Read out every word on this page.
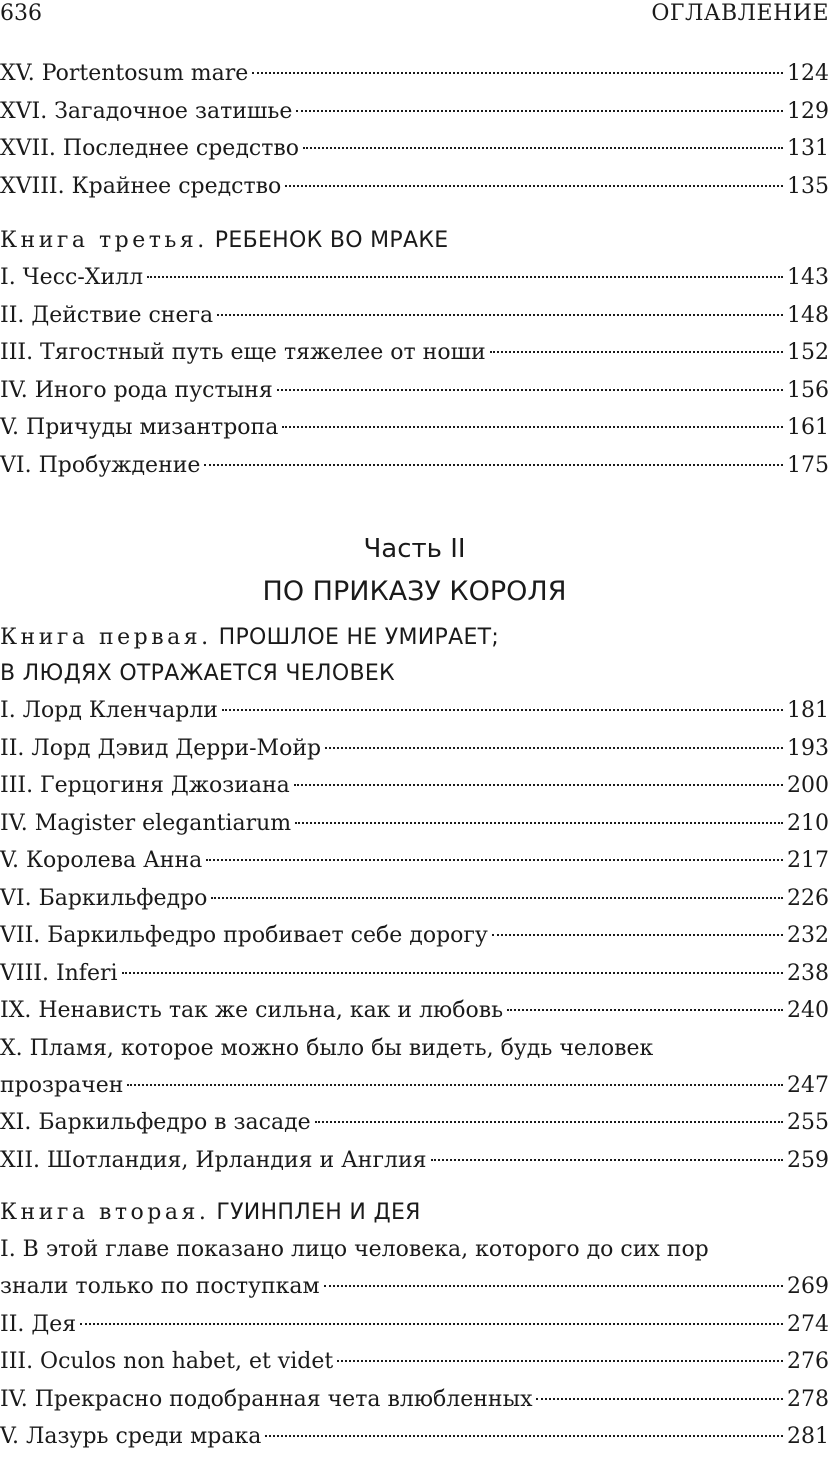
636	ОГЛАВЛЕНИЕ
XV. Portentosum mare	124
XVI. Загадочное затишье	129
XVII. Последнее средство	131
XVIII. Крайнее средство	135
Книга третья. РЕБЕНОК ВО МРАКЕ
I. Чесс-Хилл	143
II. Действие снега	148
III. Тягостный путь еще тяжелее от ноши	152
IV. Иного рода пустыня	156
V. Причуды мизантропа	161
VI. Пробуждение	175
Часть II
ПО ПРИКАЗУ КОРОЛЯ
Книга первая. ПРОШЛОЕ НЕ УМИРАЕТ;
В ЛЮДЯХ ОТРАЖАЕТСЯ ЧЕЛОВЕК
I. Лорд Кленчарли	181
II. Лорд Дэвид Дерри-Мойр	193
III. Герцогиня Джозиана	200
IV. Magister elegantiarum	210
V. Королева Анна	217
VI. Баркильфедро	226
VII. Баркильфедро пробивает себе дорогу	232
VIII. Inferi	238
IX. Ненависть так же сильна, как и любовь	240
X. Пламя, которое можно было бы видеть, будь человек
прозрачен	247
XI. Баркильфедро в засаде	255
XII. Шотландия, Ирландия и Англия	259
Книга вторая. ГУИНПЛЕН И ДЕЯ
I. В этой главе показано лицо человека, которого до сих пор
знали только по поступкам	269
II. Дея	274
III. Oculos non habet, et videt	276
IV. Прекрасно подобранная чета влюбленных	278
V. Лазурь среди мрака	281
